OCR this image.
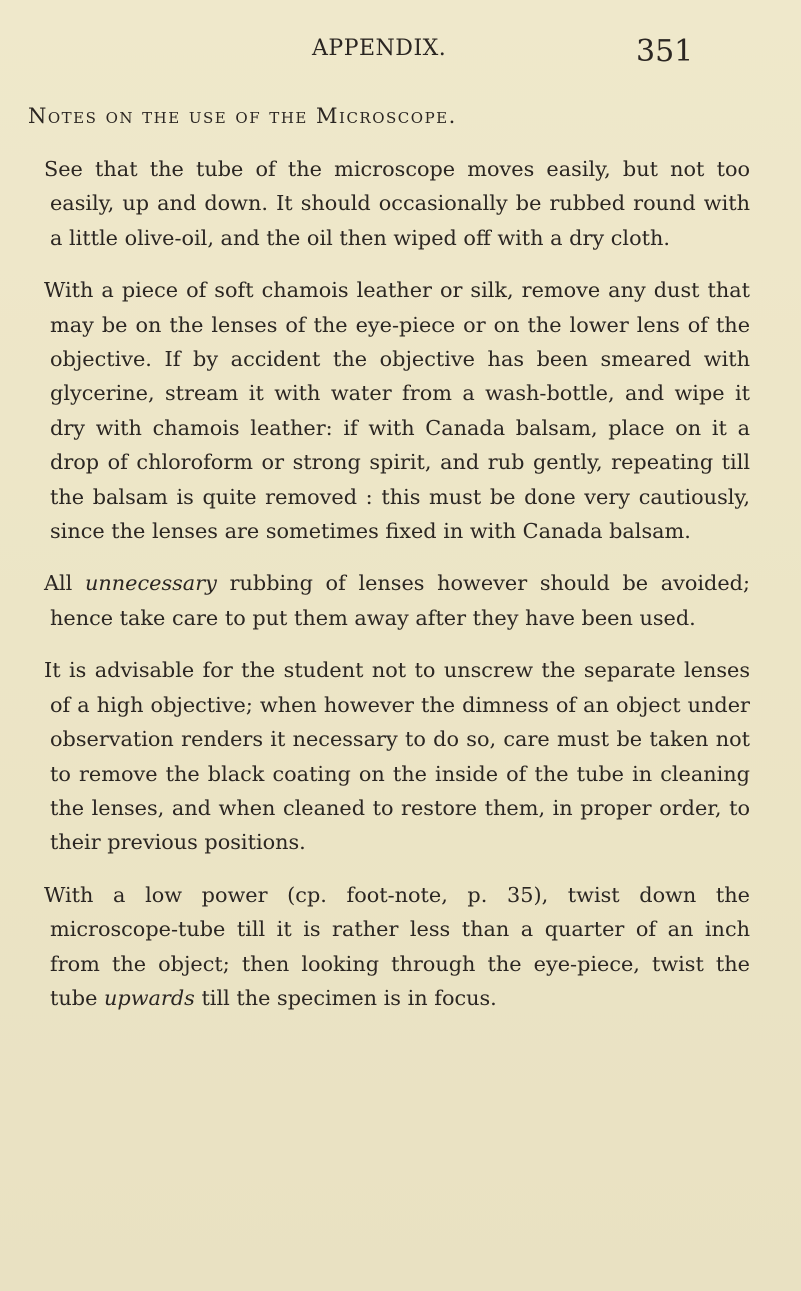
APPENDIX.	351
Notes on the use of the Microscope.

See that the tube of the microscope moves easily, but not too easily, up and down. It should occasionally be rubbed round with a little olive-oil, and the oil then wiped off with a dry cloth.

With a piece of soft chamois leather or silk, remove any dust that may be on the lenses of the eye-piece or on the lower lens of the objective. If by accident the objective has been smeared with glycerine, stream it with water from a wash-bottle, and wipe it dry with chamois leather: if with Canada balsam, place on it a drop of chloroform or strong spirit, and rub gently, repeating till the balsam is quite removed : this must be done very cautiously, since the lenses are sometimes fixed in with Canada balsam.

All unnecessary rubbing of lenses however should be avoided; hence take care to put them away after they have been used.

It is advisable for the student not to unscrew the separate lenses of a high objective; when however the dimness of an object under observation renders it necessary to do so, care must be taken not to remove the black coating on the inside of the tube in cleaning the lenses, and when cleaned to restore them, in proper order, to their previous positions.

With a low power (cp. foot-note, p. 35), twist down the microscope-tube till it is rather less than a quarter of an inch from the object; then looking through the eye-piece, twist the tube upwards till the specimen is in focus.
